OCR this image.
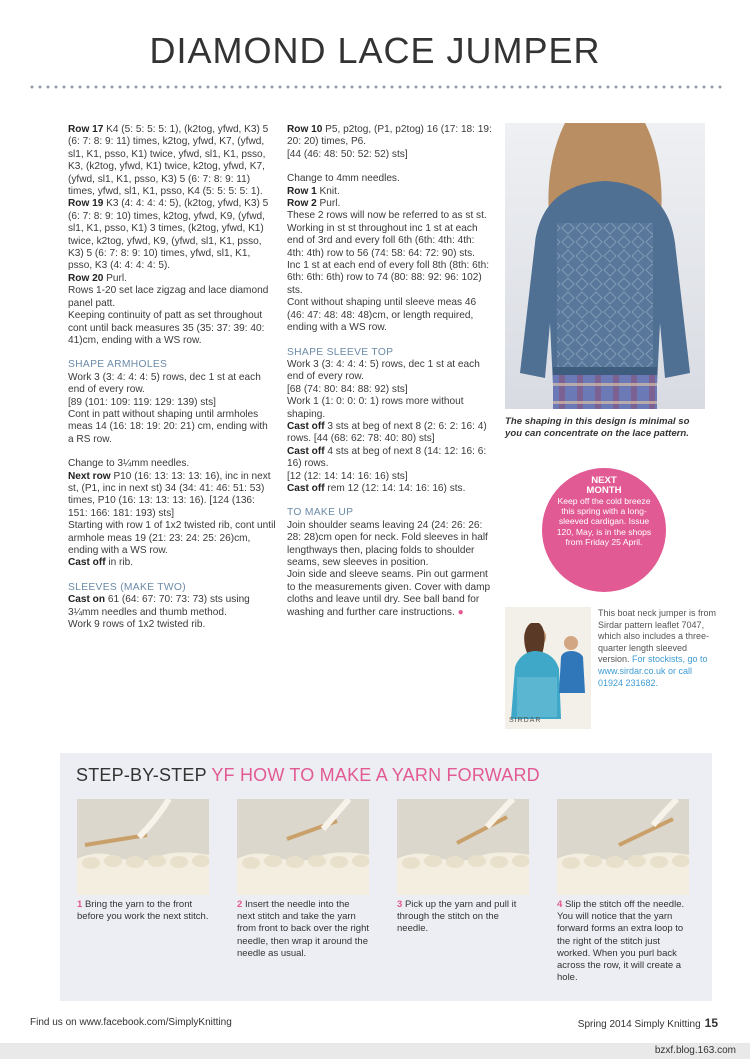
DIAMOND LACE JUMPER

Row 17 K4 (5: 5: 5: 5: 1), (k2tog, yfwd, K3) 5 (6: 7: 8: 9: 11) times, k2tog, yfwd, K7, (yfwd, sl1, K1, psso, K1) twice, yfwd, sl1, K1, psso, K3, (k2tog, yfwd, K1) twice, k2tog, yfwd, K7, (yfwd, sl1, K1, psso, K3) 5 (6: 7: 8: 9: 11) times, yfwd, sl1, K1, psso, K4 (5: 5: 5: 5: 1).

Row 19 K3 (4: 4: 4: 4: 5), (k2tog, yfwd, K3) 5 (6: 7: 8: 9: 10) times, k2tog, yfwd, K9, (yfwd, sl1, K1, psso, K1) 3 times, (k2tog, yfwd, K1) twice, k2tog, yfwd, K9, (yfwd, sl1, K1, psso, K3) 5 (6: 7: 8: 9: 10) times, yfwd, sl1, K1, psso, K3 (4: 4: 4: 4: 5).

Row 20 Purl.

Rows 1-20 set lace zigzag and lace diamond panel patt.

Keeping continuity of patt as set throughout cont until back measures 35 (35: 37: 39: 40: 41)cm, ending with a WS row.

SHAPE ARMHOLES

Work 3 (3: 4: 4: 4: 5) rows, dec 1 st at each end of every row.

[89 (101: 109: 119: 129: 139) sts]

Cont in patt without shaping until armholes meas 14 (16: 18: 19: 20: 21) cm, ending with a RS row.

Change to 3¼mm needles.

Next row P10 (16: 13: 13: 13: 16), inc in next st, (P1, inc in next st) 34 (34: 41: 46: 51: 53) times, P10 (16: 13: 13: 13: 16). [124 (136: 151: 166: 181: 193) sts]

Starting with row 1 of 1x2 twisted rib, cont until armhole meas 19 (21: 23: 24: 25: 26)cm, ending with a WS row.

Cast off in rib.

SLEEVES (MAKE TWO)

Cast on 61 (64: 67: 70: 73: 73) sts using 3¼mm needles and thumb method.

Work 9 rows of 1x2 twisted rib.

Row 10 P5, p2tog, (P1, p2tog) 16 (17: 18: 19: 20: 20) times, P6.

[44 (46: 48: 50: 52: 52) sts]

Change to 4mm needles.

Row 1 Knit.

Row 2 Purl.

These 2 rows will now be referred to as st st.

Working in st st throughout inc 1 st at each end of 3rd and every foll 6th (6th: 4th: 4th: 4th: 4th) row to 56 (74: 58: 64: 72: 90) sts.

Inc 1 st at each end of every foll 8th (8th: 6th: 6th: 6th: 6th) row to 74 (80: 88: 92: 96: 102) sts.

Cont without shaping until sleeve meas 46 (46: 47: 48: 48: 48)cm, or length required, ending with a WS row.

SHAPE SLEEVE TOP

Work 3 (3: 4: 4: 4: 5) rows, dec 1 st at each end of every row.

[68 (74: 80: 84: 88: 92) sts]

Work 1 (1: 0: 0: 0: 1) rows more without shaping.

Cast off 3 sts at beg of next 8 (2: 6: 2: 16: 4) rows. [44 (68: 62: 78: 40: 80) sts]

Cast off 4 sts at beg of next 8 (14: 12: 16: 6: 16) rows.

[12 (12: 14: 14: 16: 16) sts]

Cast off rem 12 (12: 14: 14: 16: 16) sts.

TO MAKE UP

Join shoulder seams leaving 24 (24: 26: 26: 28: 28)cm open for neck. Fold sleeves in half lengthways then, placing folds to shoulder seams, sew sleeves in position.

Join side and sleeve seams. Pin out garment to the measurements given. Cover with damp cloths and leave until dry. See ball band for washing and further care instructions. ●

The shaping in this design is minimal so you can concentrate on the lace pattern.
NEXT
MONTH
Keep off the cold breeze this spring with a long-sleeved cardigan. Issue 120, May, is in the shops from Friday 25 April.
SIRDAR
This boat neck jumper is from Sirdar pattern leaflet 7047, which also includes a three-quarter length sleeved version. For stockists, go to www.sirdar.co.uk or call 01924 231682.
STEP-BY-STEP YF HOW TO MAKE A YARN FORWARD
1 Bring the yarn to the front before you work the next stitch.
2 Insert the needle into the next stitch and take the yarn from front to back over the right needle, then wrap it around the needle as usual.
3 Pick up the yarn and pull it through the stitch on the needle.
4 Slip the stitch off the needle. You will notice that the yarn forward forms an extra loop to the right of the stitch just worked. When you purl back across the row, it will create a hole.
Find us on www.facebook.com/SimplyKnitting	Spring 2014 Simply Knitting 15
bzxf.blog.163.com
